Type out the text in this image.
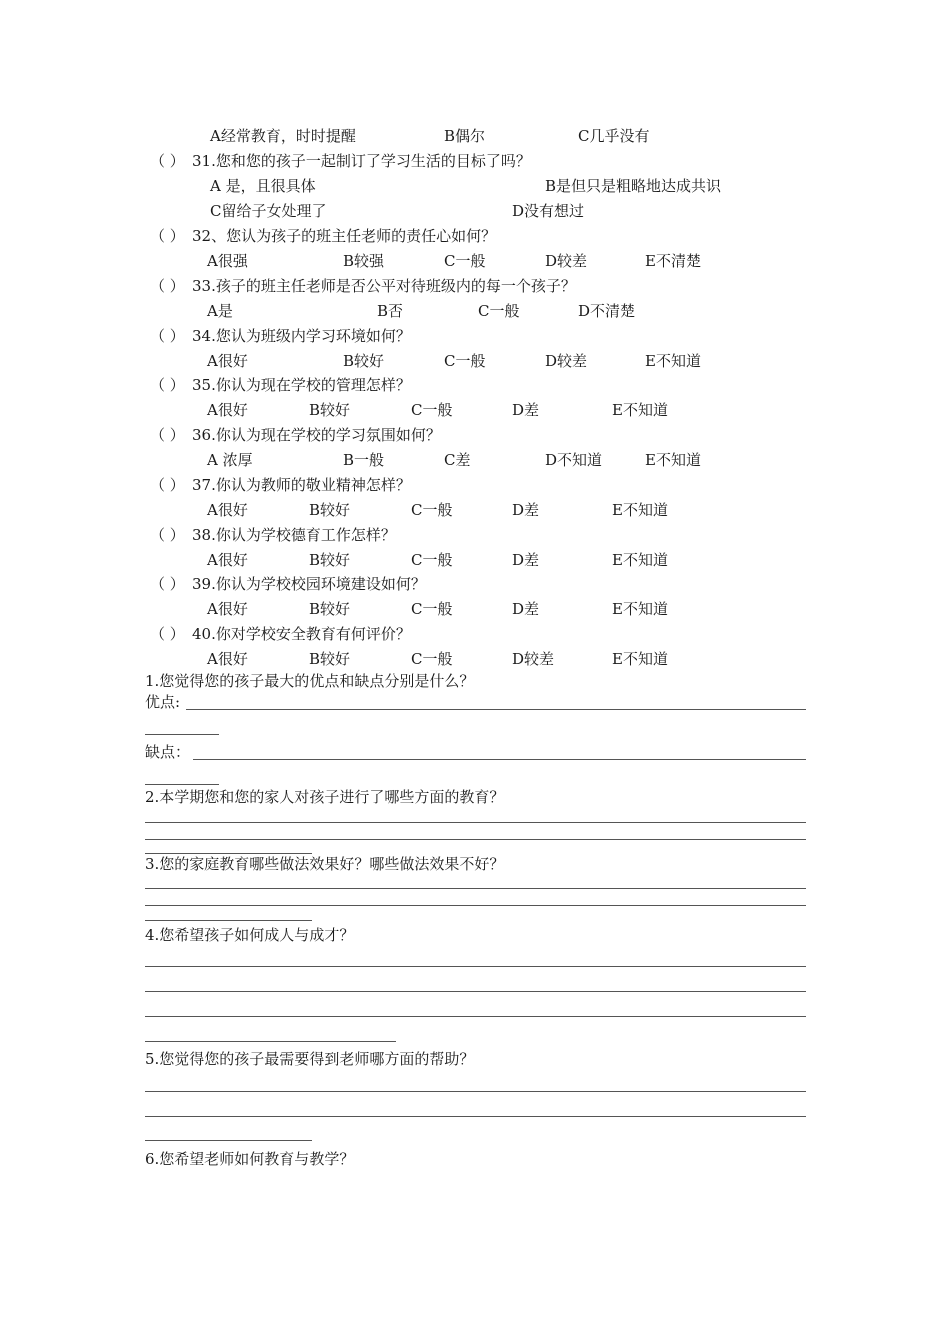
A经常教育，时时提醒	B偶尔	C几乎没有
（ ） 31.您和您的孩子一起制订了学习生活的目标了吗？
A 是，且很具体	B是但只是粗略地达成共识
C留给子女处理了	D没有想过
（ ） 32、您认为孩子的班主任老师的责任心如何？
A很强	B较强	C一般	D较差	E不清楚
（ ） 33.孩子的班主任老师是否公平对待班级内的每一个孩子？
A是	B否	C一般	D不清楚
（ ） 34.您认为班级内学习环境如何？
A很好	B较好	C一般	D较差	E不知道
（ ） 35.你认为现在学校的管理怎样？
A很好	B较好	C一般	D差	E不知道
（ ） 36.你认为现在学校的学习氛围如何？
A 浓厚	B一般	C差	D不知道	E不知道
（ ） 37.你认为教师的敬业精神怎样？
A很好	B较好	C一般	D差	E不知道
（ ） 38.你认为学校德育工作怎样？
A很好	B较好	C一般	D差	E不知道
（ ） 39.你认为学校校园环境建设如何？
A很好	B较好	C一般	D差	E不知道
（ ） 40.你对学校安全教育有何评价？
A很好	B较好	C一般	D较差	E不知道
1.您觉得您的孩子最大的优点和缺点分别是什么？
优点:
缺点：
2.本学期您和您的家人对孩子进行了哪些方面的教育？
3.您的家庭教育哪些做法效果好？哪些做法效果不好？
4.您希望孩子如何成人与成才？
5.您觉得您的孩子最需要得到老师哪方面的帮助？
6.您希望老师如何教育与教学？
